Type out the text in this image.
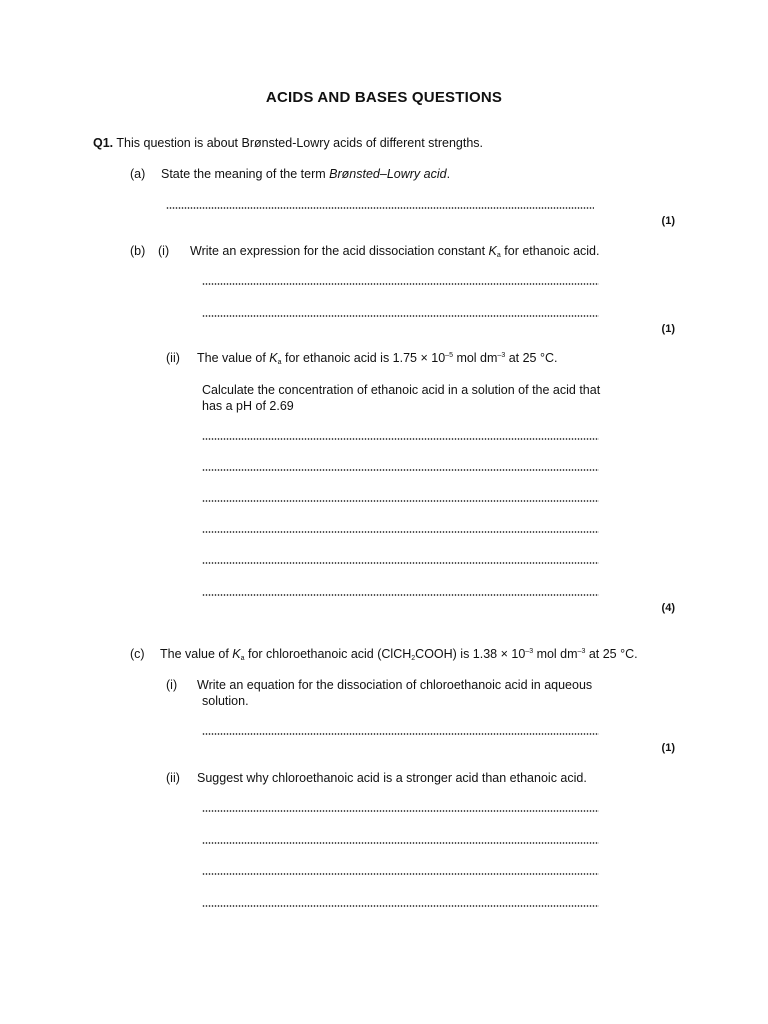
ACIDS AND BASES QUESTIONS
Q1. This question is about Brønsted-Lowry acids of different strengths.
(a) State the meaning of the term Brønsted–Lowry acid.
(1)
(b) (i) Write an expression for the acid dissociation constant $K_a$ for ethanoic acid.
(1)
(ii) The value of $K_a$ for ethanoic acid is $1.75 \times 10^{-5}$ mol $dm^{-3}$ at 25 °C.
Calculate the concentration of ethanoic acid in a solution of the acid that
has a pH of 2.69
(4)
(c) The value of $K_a$ for chloroethanoic acid (ClCH$_2$COOH) is $1.38 \times 10^{-3}$ mol $dm^{-3}$ at 25 °C.
(i) Write an equation for the dissociation of chloroethanoic acid in aqueous
solution.
(1)
(ii) Suggest why chloroethanoic acid is a stronger acid than ethanoic acid.
